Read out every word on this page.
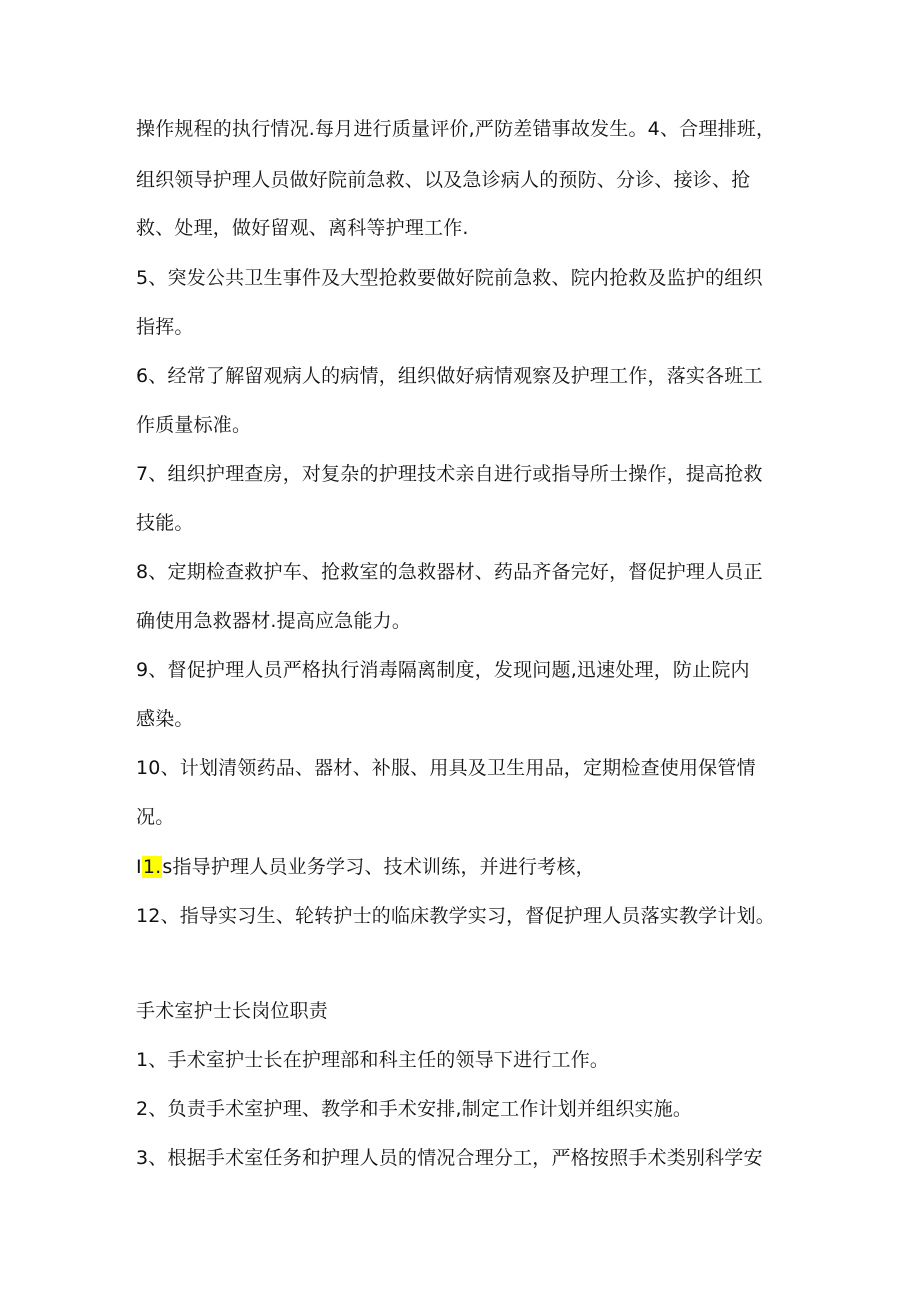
操作规程的执行情况.每月进行质量评价,严防差错事故发生。4、合理排班，
组织领导护理人员做好院前急救、以及急诊病人的预防、分诊、接诊、抢
救、处理，做好留观、离科等护理工作.
5、突发公共卫生事件及大型抢救要做好院前急救、院内抢救及监护的组织
指挥。
6、经常了解留观病人的病情，组织做好病情观察及护理工作，落实各班工
作质量标准。
7、组织护理查房，对复杂的护理技术亲自进行或指导所士操作，提高抢救
技能。
8、定期检查救护车、抢救室的急救器材、药品齐备完好，督促护理人员正
确使用急救器材.提高应急能力。
9、督促护理人员严格执行消毒隔离制度，发现问题,迅速处理，防止院内
感染。
10、计划清领药品、器材、补服、用具及卫生用品，定期检查使用保管情
况。
I1.s指导护理人员业务学习、技术训练，并进行考核，
12、指导实习生、轮转护士的临床教学实习，督促护理人员落实教学计划。
手术室护士长岗位职责
1、手术室护士长在护理部和科主任的领导下进行工作。
2、负责手术室护理、教学和手术安排,制定工作计划并组织实施。
3、根据手术室任务和护理人员的情况合理分工，严格按照手术类别科学安
